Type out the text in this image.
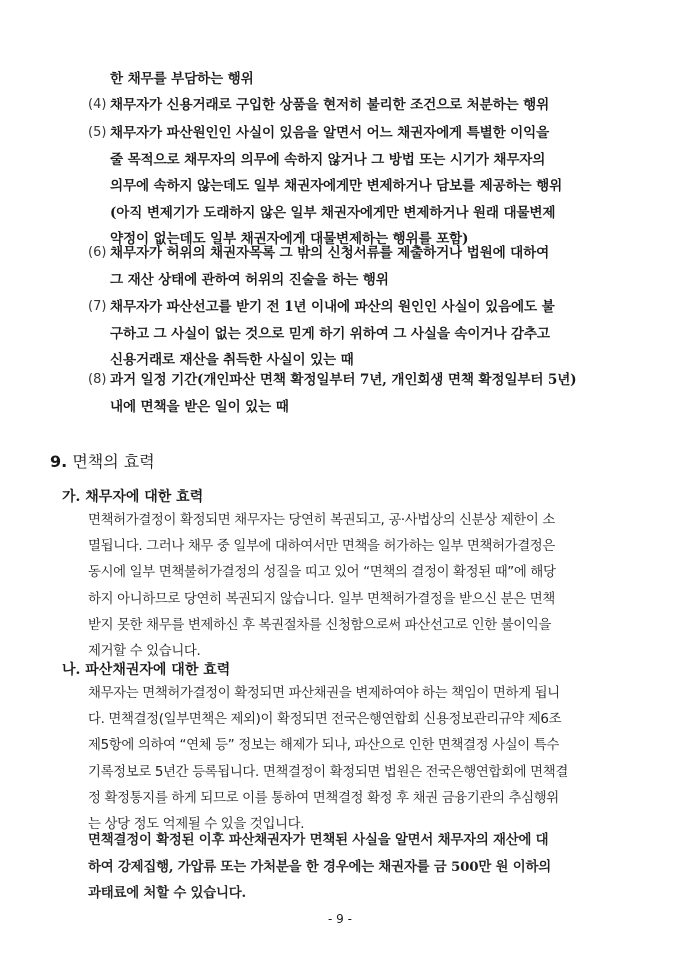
한 채무를 부담하는 행위
(4) 채무자가 신용거래로 구입한 상품을 현저히 불리한 조건으로 처분하는 행위
(5) 채무자가 파산원인인 사실이 있음을 알면서 어느 채권자에게 특별한 이익을
줄 목적으로 채무자의 의무에 속하지 않거나 그 방법 또는 시기가 채무자의
의무에 속하지 않는데도 일부 채권자에게만 변제하거나 담보를 제공하는 행위
(아직 변제기가 도래하지 않은 일부 채권자에게만 변제하거나 원래 대물변제
약정이 없는데도 일부 채권자에게 대물변제하는 행위를 포함)
(6) 채무자가 허위의 채권자목록 그 밖의 신청서류를 제출하거나 법원에 대하여
그 재산 상태에 관하여 허위의 진술을 하는 행위
(7) 채무자가 파산선고를 받기 전 1년 이내에 파산의 원인인 사실이 있음에도 불
구하고 그 사실이 없는 것으로 믿게 하기 위하여 그 사실을 속이거나 감추고
신용거래로 재산을 취득한 사실이 있는 때
(8) 과거 일정 기간(개인파산 면책 확정일부터 7년, 개인회생 면책 확정일부터 5년)
내에 면책을 받은 일이 있는 때
9. 면책의 효력
가. 채무자에 대한 효력
면책허가결정이 확정되면 채무자는 당연히 복권되고, 공·사법상의 신분상 제한이 소
멸됩니다. 그러나 채무 중 일부에 대하여서만 면책을 허가하는 일부 면책허가결정은
동시에 일부 면책불허가결정의 성질을 띠고 있어 “면책의 결정이 확정된 때”에 해당
하지 아니하므로 당연히 복권되지 않습니다. 일부 면책허가결정을 받으신 분은 면책
받지 못한 채무를 변제하신 후 복권절차를 신청함으로써 파산선고로 인한 불이익을
제거할 수 있습니다.
나. 파산채권자에 대한 효력
채무자는 면책허가결정이 확정되면 파산채권을 변제하여야 하는 책임이 면하게 됩니
다. 면책결정(일부면책은 제외)이 확정되면 전국은행연합회 신용정보관리규약 제6조
제5항에 의하여 “연체 등” 정보는 해제가 되나, 파산으로 인한 면책결정 사실이 특수
기록정보로 5년간 등록됩니다. 면책결정이 확정되면 법원은 전국은행연합회에 면책결
정 확정통지를 하게 되므로 이를 통하여 면책결정 확정 후 채권 금융기관의 추심행위
는 상당 정도 억제될 수 있을 것입니다.
면책결정이 확정된 이후 파산채권자가 면책된 사실을 알면서 채무자의 재산에 대
하여 강제집행, 가압류 또는 가처분을 한 경우에는 채권자를 금 500만 원 이하의
과태료에 처할 수 있습니다.
- 9 -
